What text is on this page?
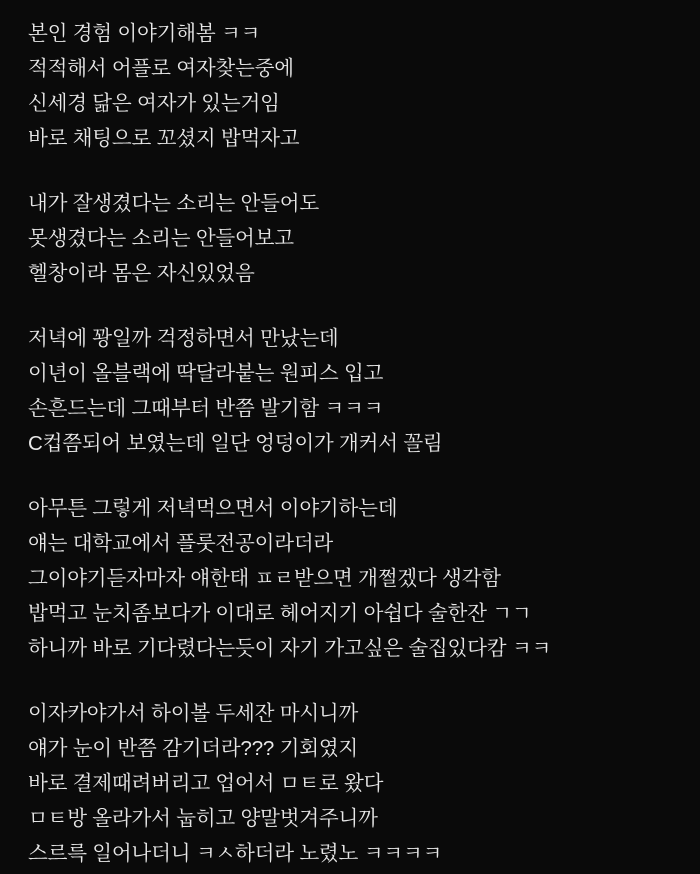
본인 경험 이야기해봄 ㅋㅋ
적적해서 어플로 여자찾는중에
신세경 닮은 여자가 있는거임
바로 채팅으로 꼬셨지 밥먹자고
내가 잘생겼다는 소리는 안들어도
못생겼다는 소리는 안들어보고
헬창이라 몸은 자신있었음
저녁에 꽝일까 걱정하면서 만났는데
이년이 올블랙에 딱달라붙는 원피스 입고
손흔드는데 그때부터 반쯤 발기함 ㅋㅋㅋ
C컵쯤되어 보였는데 일단 엉덩이가 개커서 꼴림
아무튼 그렇게 저녁먹으면서 이야기하는데
얘는 대학교에서 플룻전공이라더라
그이야기듣자마자 얘한태 ㅍㄹ받으면 개쩔겠다 생각함
밥먹고 눈치좀보다가 이대로 헤어지기 아쉽다 술한잔 ㄱㄱ
하니까 바로 기다렸다는듯이 자기 가고싶은 술집있다캄 ㅋㅋ
이자카야가서 하이볼 두세잔 마시니까
얘가 눈이 반쯤 감기더라??? 기회였지
바로 결제때려버리고 업어서 ㅁㅌ로 왔다
ㅁㅌ방 올라가서 눕히고 양말벗겨주니까
스르륵 일어나더니 ㅋㅅ하더라 노렸노 ㅋㅋㅋㅋ
